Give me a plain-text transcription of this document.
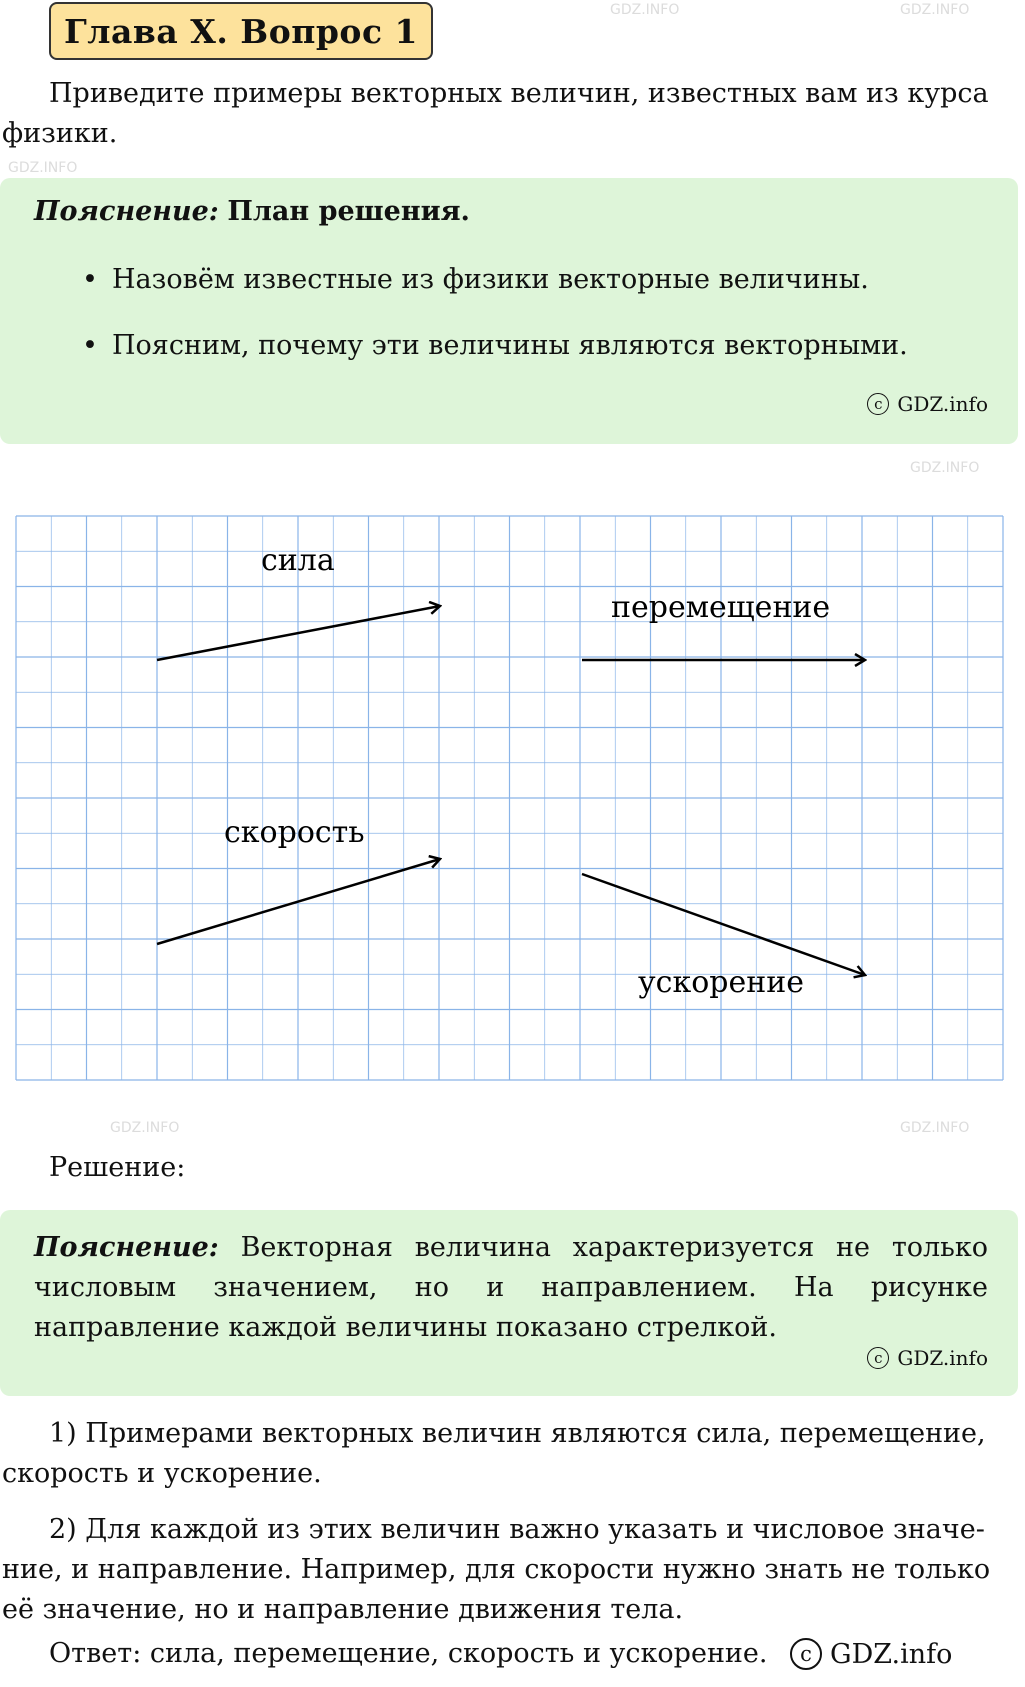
Глава X. Вопрос 1

Приведите примеры векторных величин, известных вам из курса

физики.

Пояснение: План решения.
• Назовём известные из физики векторные величины.
• Поясним, почему эти величины являются векторными.
c GDZ.info
сила
перемещение
скорость
ускорение

Решение:

Пояснение: Векторная величина характеризуется не только числовым значением, но и направлением. На рисунке направление каждой величины показано стрелкой.

c GDZ.info

1) Примерами векторных величин являются сила, перемещение,

скорость и ускорение.

2) Для каждой из этих величин важно указать и числовое значе-

ние, и направление. Например, для скорости нужно знать не только

её значение, но и направление движения тела.

Ответ: сила, перемещение, скорость и ускорение.	c GDZ.info
GDZ.INFO	GDZ.INFO
GDZ.INFO
GDZ.INFO
GDZ.INFO	GDZ.INFO
